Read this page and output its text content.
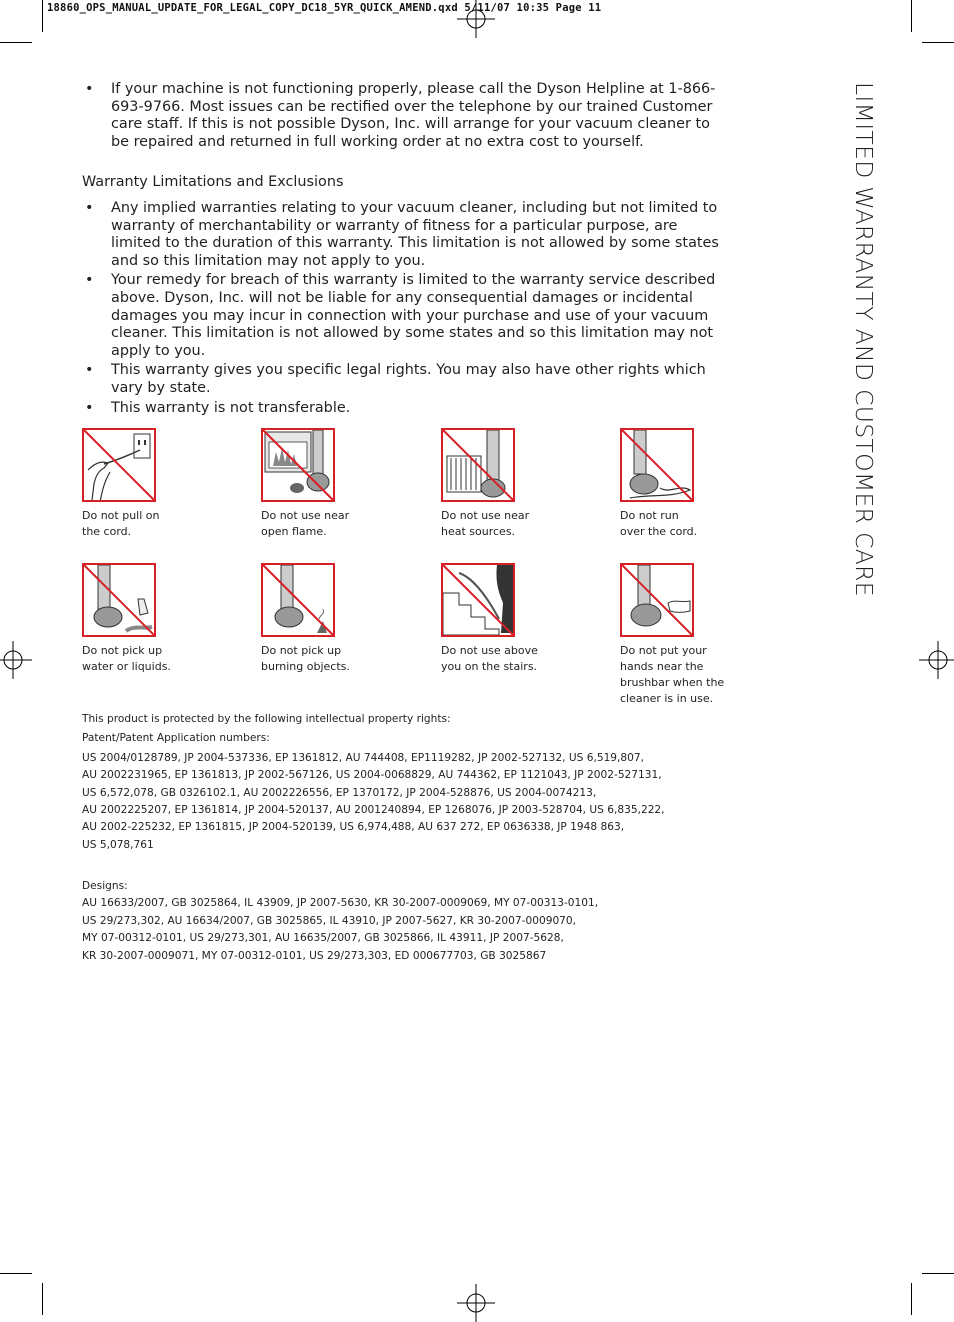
18860_OPS_MANUAL_UPDATE_FOR_LEGAL_COPY_DC18_5YR_QUICK_AMEND.qxd 5/11/07 10:35 Page 11
LIMITED WARRANTY AND CUSTOMER CARE
• If your machine is not functioning properly, please call the Dyson Helpline at 1-866-693-9766. Most issues can be rectified over the telephone by our trained Customer care staff. If this is not possible Dyson, Inc. will arrange for your vacuum cleaner to be repaired and returned in full working order at no extra cost to yourself.
Warranty Limitations and Exclusions
• Any implied warranties relating to your vacuum cleaner, including but not limited to warranty of merchantability or warranty of fitness for a particular purpose, are limited to the duration of this warranty. This limitation is not allowed by some states and so this limitation may not apply to you.
• Your remedy for breach of this warranty is limited to the warranty service described above. Dyson, Inc. will not be liable for any consequential damages or incidental damages you may incur in connection with your purchase and use of your vacuum cleaner. This limitation is not allowed by some states and so this limitation may not apply to you.
• This warranty gives you specific legal rights. You may also have other rights which vary by state.
• This warranty is not transferable.
Do not pull on
the cord.
Do not use near
open flame.
Do not use near
heat sources.
Do not run
over the cord.
Do not pick up
water or liquids.
Do not pick up
burning objects.
Do not use above
you on the stairs.
Do not put your
hands near the
brushbar when the
cleaner is in use.
This product is protected by the following intellectual property rights:
Patent/Patent Application numbers:
US 2004/0128789, JP 2004-537336, EP 1361812, AU 744408, EP1119282, JP 2002-527132, US 6,519,807,
AU 2002231965, EP 1361813, JP 2002-567126, US 2004-0068829, AU 744362, EP 1121043, JP 2002-527131,
US 6,572,078, GB 0326102.1, AU 2002226556, EP 1370172, JP 2004-528876, US 2004-0074213,
AU 2002225207, EP 1361814, JP 2004-520137, AU 2001240894, EP 1268076, JP 2003-528704, US 6,835,222,
AU 2002-225232, EP 1361815, JP 2004-520139, US 6,974,488, AU 637 272, EP 0636338, JP 1948 863,
US 5,078,761
Designs:
AU 16633/2007, GB 3025864, IL 43909, JP 2007-5630, KR 30-2007-0009069, MY 07-00313-0101,
US 29/273,302, AU 16634/2007, GB 3025865, IL 43910, JP 2007-5627, KR 30-2007-0009070,
MY 07-00312-0101, US 29/273,301, AU 16635/2007, GB 3025866, IL 43911, JP 2007-5628,
KR 30-2007-0009071, MY 07-00312-0101, US 29/273,303, ED 000677703, GB 3025867
